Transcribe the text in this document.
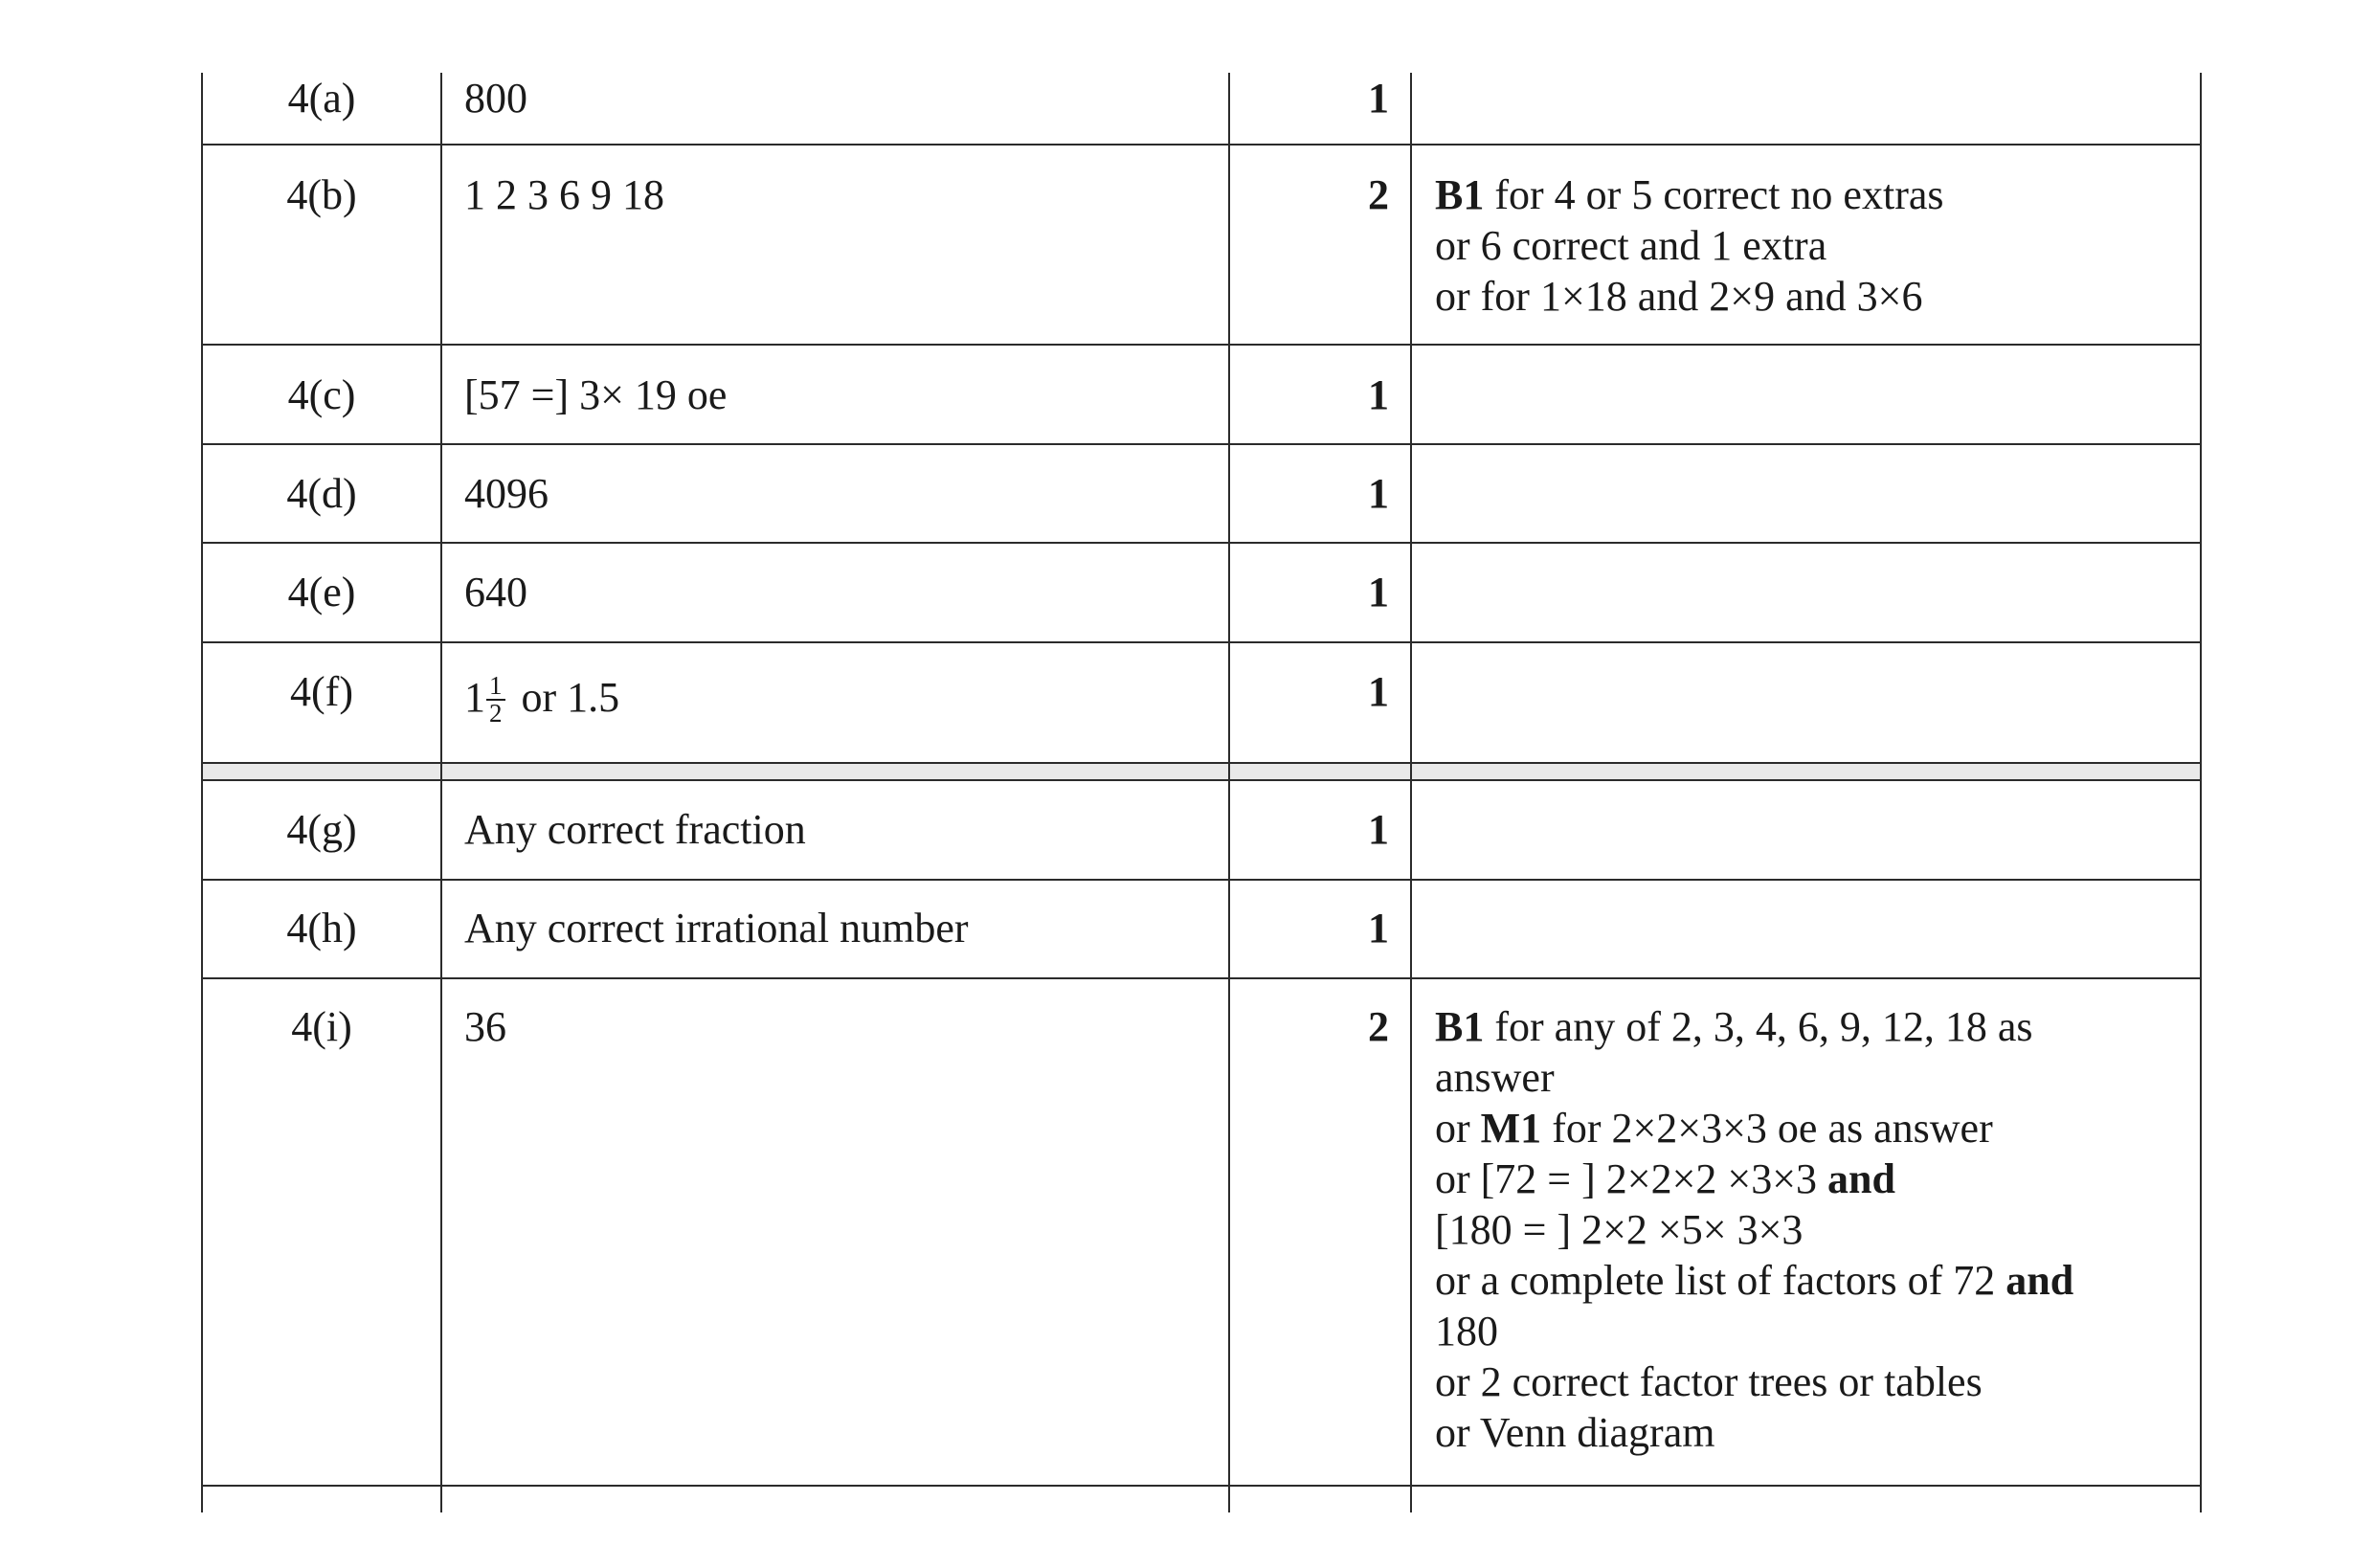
4(a)	800	1
4(b)	1 2 3 6 9 18	2 B1 for 4 or 5 correct no extras
or 6 correct and 1 extra
or for 1×18 and 2×9 and 3×6
4(c)	[57 =] 3× 19 oe	1
4(d)	4096	1
4(e)	640	1
4(f)	$1 \frac{1}{2}$ or 1.5	1
4(g)	Any correct fraction	1
4(h)	Any correct irrational number	1
4(i)	36	2 B1 for any of 2, 3, 4, 6, 9, 12, 18 as
answer
or M1 for 2×2×3×3 oe as answer
or [72 = ] 2×2×2 ×3×3 and
[180 = ] 2×2 ×5× 3×3
or a complete list of factors of 72 and
180
or 2 correct factor trees or tables
or Venn diagram
